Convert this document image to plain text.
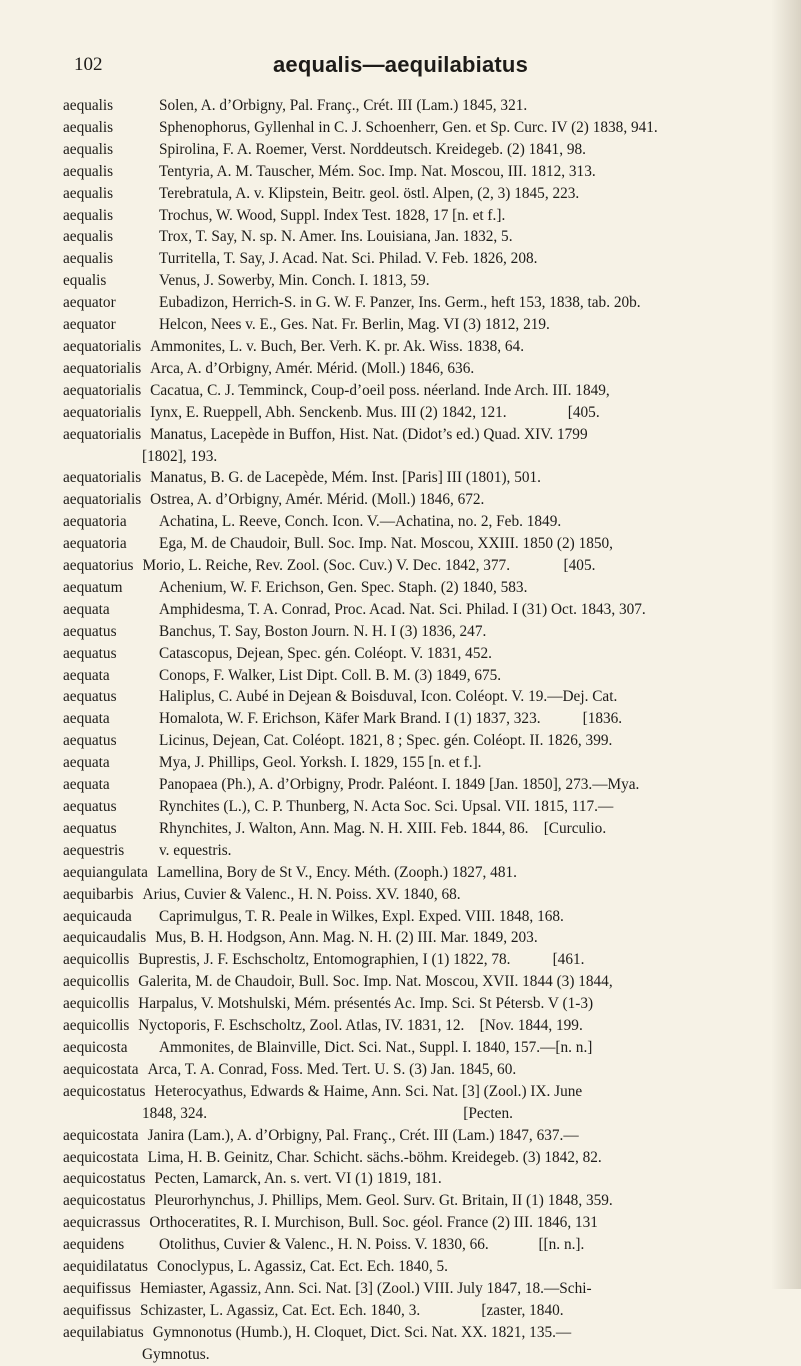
102	aequalis—aequilabiatus
aequalis	Solen, A. d’Orbigny, Pal. Franç., Crét. III (Lam.) 1845, 321.
aequalis	Sphenophorus, Gyllenhal in C. J. Schoenherr, Gen. et Sp. Curc. IV (2) 1838, 941.
aequalis	Spirolina, F. A. Roemer, Verst. Norddeutsch. Kreidegeb. (2) 1841, 98.
aequalis	Tentyria, A. M. Tauscher, Mém. Soc. Imp. Nat. Moscou, III. 1812, 313.
aequalis	Terebratula, A. v. Klipstein, Beitr. geol. östl. Alpen, (2, 3) 1845, 223.
aequalis	Trochus, W. Wood, Suppl. Index Test. 1828, 17 [n. et f.].
aequalis	Trox, T. Say, N. sp. N. Amer. Ins. Louisiana, Jan. 1832, 5.
aequalis	Turritella, T. Say, J. Acad. Nat. Sci. Philad. V. Feb. 1826, 208.
equalis	Venus, J. Sowerby, Min. Conch. I. 1813, 59.
aequator	Eubadizon, Herrich-S. in G. W. F. Panzer, Ins. Germ., heft 153, 1838, tab. 20b.
aequator	Helcon, Nees v. E., Ges. Nat. Fr. Berlin, Mag. VI (3) 1812, 219.
aequatorialis Ammonites, L. v. Buch, Ber. Verh. K. pr. Ak. Wiss. 1838, 64.
aequatorialis Arca, A. d’Orbigny, Amér. Mérid. (Moll.) 1846, 636.
aequatorialis Cacatua, C. J. Temminck, Coup-d’oeil poss. néerland. Inde Arch. III. 1849,
aequatorialis Iynx, E. Rueppell, Abh. Senckenb. Mus. III (2) 1842, 121.                [405.
aequatorialis Manatus, Lacepède in Buffon, Hist. Nat. (Didot’s ed.) Quad. XIV. 1799
[1802], 193.
aequatorialis Manatus, B. G. de Lacepède, Mém. Inst. [Paris] III (1801), 501.
aequatorialis Ostrea, A. d’Orbigny, Amér. Mérid. (Moll.) 1846, 672.
aequatoria Achatina, L. Reeve, Conch. Icon. V.—Achatina, no. 2, Feb. 1849.
aequatoria Ega, M. de Chaudoir, Bull. Soc. Imp. Nat. Moscou, XXIII. 1850 (2) 1850,
aequatorius Morio, L. Reiche, Rev. Zool. (Soc. Cuv.) V. Dec. 1842, 377.              [405.
aequatum Achenium, W. F. Erichson, Gen. Spec. Staph. (2) 1840, 583.
aequata	Amphidesma, T. A. Conrad, Proc. Acad. Nat. Sci. Philad. I (31) Oct. 1843, 307.
aequatus	Banchus, T. Say, Boston Journ. N. H. I (3) 1836, 247.
aequatus	Catascopus, Dejean, Spec. gén. Coléopt. V. 1831, 452.
aequata	Conops, F. Walker, List Dipt. Coll. B. M. (3) 1849, 675.
aequatus	Haliplus, C. Aubé in Dejean & Boisduval, Icon. Coléopt. V. 19.—Dej. Cat.
aequata	Homalota, W. F. Erichson, Käfer Mark Brand. I (1) 1837, 323.           [1836.
aequatus	Licinus, Dejean, Cat. Coléopt. 1821, 8 ; Spec. gén. Coléopt. II. 1826, 399.
aequata	Mya, J. Phillips, Geol. Yorksh. I. 1829, 155 [n. et f.].
aequata	Panopaea (Ph.), A. d’Orbigny, Prodr. Paléont. I. 1849 [Jan. 1850], 273.—Mya.
aequatus	Rynchites (L.), C. P. Thunberg, N. Acta Soc. Sci. Upsal. VII. 1815, 117.—
aequatus	Rhynchites, J. Walton, Ann. Mag. N. H. XIII. Feb. 1844, 86.    [Curculio.
aequestris v. equestris.
aequiangulata Lamellina, Bory de St V., Ency. Méth. (Zooph.) 1827, 481.
aequibarbis Arius, Cuvier & Valenc., H. N. Poiss. XV. 1840, 68.
aequicauda Caprimulgus, T. R. Peale in Wilkes, Expl. Exped. VIII. 1848, 168.
aequicaudalis Mus, B. H. Hodgson, Ann. Mag. N. H. (2) III. Mar. 1849, 203.
aequicollis Buprestis, J. F. Eschscholtz, Entomographien, I (1) 1822, 78.           [461.
aequicollis Galerita, M. de Chaudoir, Bull. Soc. Imp. Nat. Moscou, XVII. 1844 (3) 1844,
aequicollis Harpalus, V. Motshulski, Mém. présentés Ac. Imp. Sci. St Pétersb. V (1-3)
aequicollis Nyctoporis, F. Eschscholtz, Zool. Atlas, IV. 1831, 12.    [Nov. 1844, 199.
aequicosta Ammonites, de Blainville, Dict. Sci. Nat., Suppl. I. 1840, 157.—[n. n.]
aequicostata Arca, T. A. Conrad, Foss. Med. Tert. U. S. (3) Jan. 1845, 60.
aequicostatus Heterocyathus, Edwards & Haime, Ann. Sci. Nat. [3] (Zool.) IX. June
1848, 324.                                                                   [Pecten.
aequicostata Janira (Lam.), A. d’Orbigny, Pal. Franç., Crét. III (Lam.) 1847, 637.—
aequicostata Lima, H. B. Geinitz, Char. Schicht. sächs.-böhm. Kreidegeb. (3) 1842, 82.
aequicostatus Pecten, Lamarck, An. s. vert. VI (1) 1819, 181.
aequicostatus Pleurorhynchus, J. Phillips, Mem. Geol. Surv. Gt. Britain, II (1) 1848, 359.
aequicrassus Orthoceratites, R. I. Murchison, Bull. Soc. géol. France (2) III. 1846, 131
aequidens Otolithus, Cuvier & Valenc., H. N. Poiss. V. 1830, 66.             [[n. n.].
aequidilatatus Conoclypus, L. Agassiz, Cat. Ect. Ech. 1840, 5.
aequifissus Hemiaster, Agassiz, Ann. Sci. Nat. [3] (Zool.) VIII. July 1847, 18.—Schi-
aequifissus Schizaster, L. Agassiz, Cat. Ect. Ech. 1840, 3.                [zaster, 1840.
aequilabiatus Gymnonotus (Humb.), H. Cloquet, Dict. Sci. Nat. XX. 1821, 135.—
Gymnotus.
